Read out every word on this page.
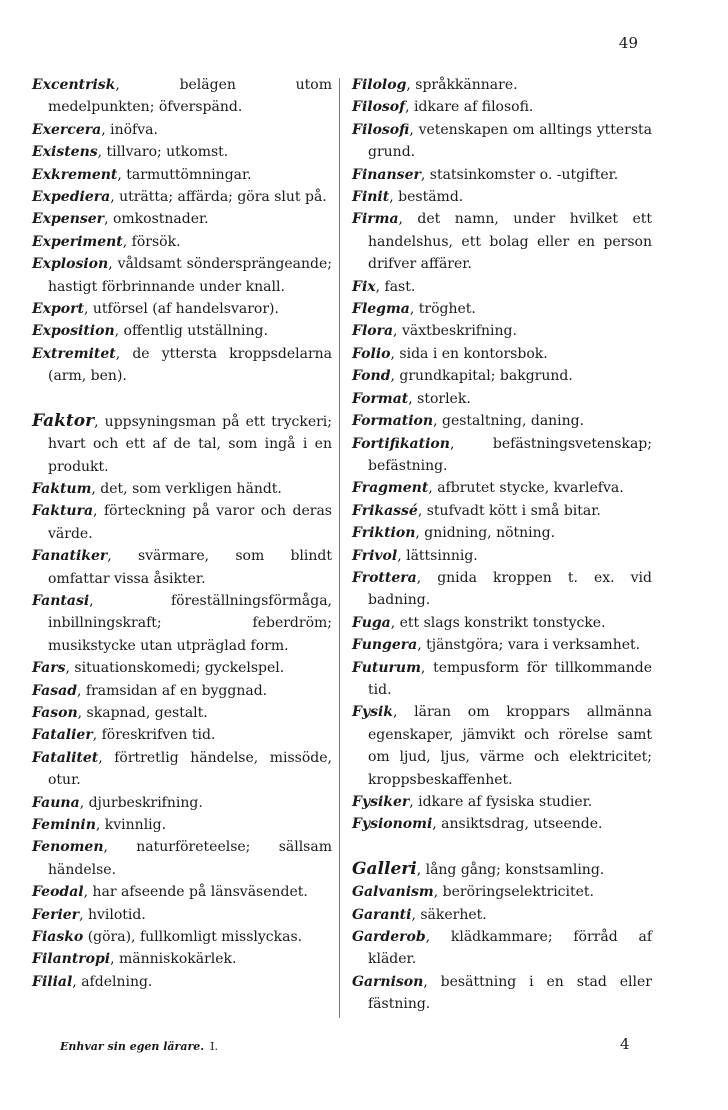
49
Excentrisk, belägen utom medelpunkten; öfverspänd.
Exercera, inöfva.
Existens, tillvaro; utkomst.
Exkrement, tarmuttömningar.
Expediera, uträtta; affärda; göra slut på.
Expenser, omkostnader.
Experiment, försök.
Explosion, våldsamt söndersprängeande; hastigt förbrinnande under knall.
Export, utförsel (af handelsvaror).
Exposition, offentlig utställning.
Extremitet, de yttersta kroppsdelarna (arm, ben).
Faktor, uppsyningsman på ett tryckeri; hvart och ett af de tal, som ingå i en produkt.
Faktum, det, som verkligen händt.
Faktura, förteckning på varor och deras värde.
Fanatiker, svärmare, som blindt omfattar vissa åsikter.
Fantasi, föreställningsförmåga, inbillningskraft; feberdröm; musikstycke utan utpräglad form.
Fars, situationskomedi; gyckelspel.
Fasad, framsidan af en byggnad.
Fason, skapnad, gestalt.
Fatalier, föreskrifven tid.
Fatalitet, förtretlig händelse, missöde, otur.
Fauna, djurbeskrifning.
Feminin, kvinnlig.
Fenomen, naturföreteelse; sällsam händelse.
Feodal, har afseende på länsväsendet.
Ferier, hvilotid.
Fiasko (göra), fullkomligt misslyckas.
Filantropi, människokärlek.
Filial, afdelning.
Filolog, språkkännare.
Filosof, idkare af filosofi.
Filosofi, vetenskapen om alltings yttersta grund.
Finanser, statsinkomster o. -utgifter.
Finit, bestämd.
Firma, det namn, under hvilket ett handelshus, ett bolag eller en person drifver affärer.
Fix, fast.
Flegma, tröghet.
Flora, växtbeskrifning.
Folio, sida i en kontorsbok.
Fond, grundkapital; bakgrund.
Format, storlek.
Formation, gestaltning, daning.
Fortifikation, befästningsvetenskap; befästning.
Fragment, afbrutet stycke, kvarlefva.
Frikassé, stufvadt kött i små bitar.
Friktion, gnidning, nötning.
Frivol, lättsinnig.
Frottera, gnida kroppen t. ex. vid badning.
Fuga, ett slags konstrikt tonstycke.
Fungera, tjänstgöra; vara i verksamhet.
Futurum, tempusform för tillkommande tid.
Fysik, läran om kroppars allmänna egenskaper, jämvikt och rörelse samt om ljud, ljus, värme och elektricitet; kroppsbeskaffenhet.
Fysiker, idkare af fysiska studier.
Fysionomi, ansiktsdrag, utseende.
Galleri, lång gång; konstsamling.
Galvanism, beröringselektricitet.
Garanti, säkerhet.
Garderob, klädkammare; förråd af kläder.
Garnison, besättning i en stad eller fästning.
Enhvar sin egen lärare. I.	4
